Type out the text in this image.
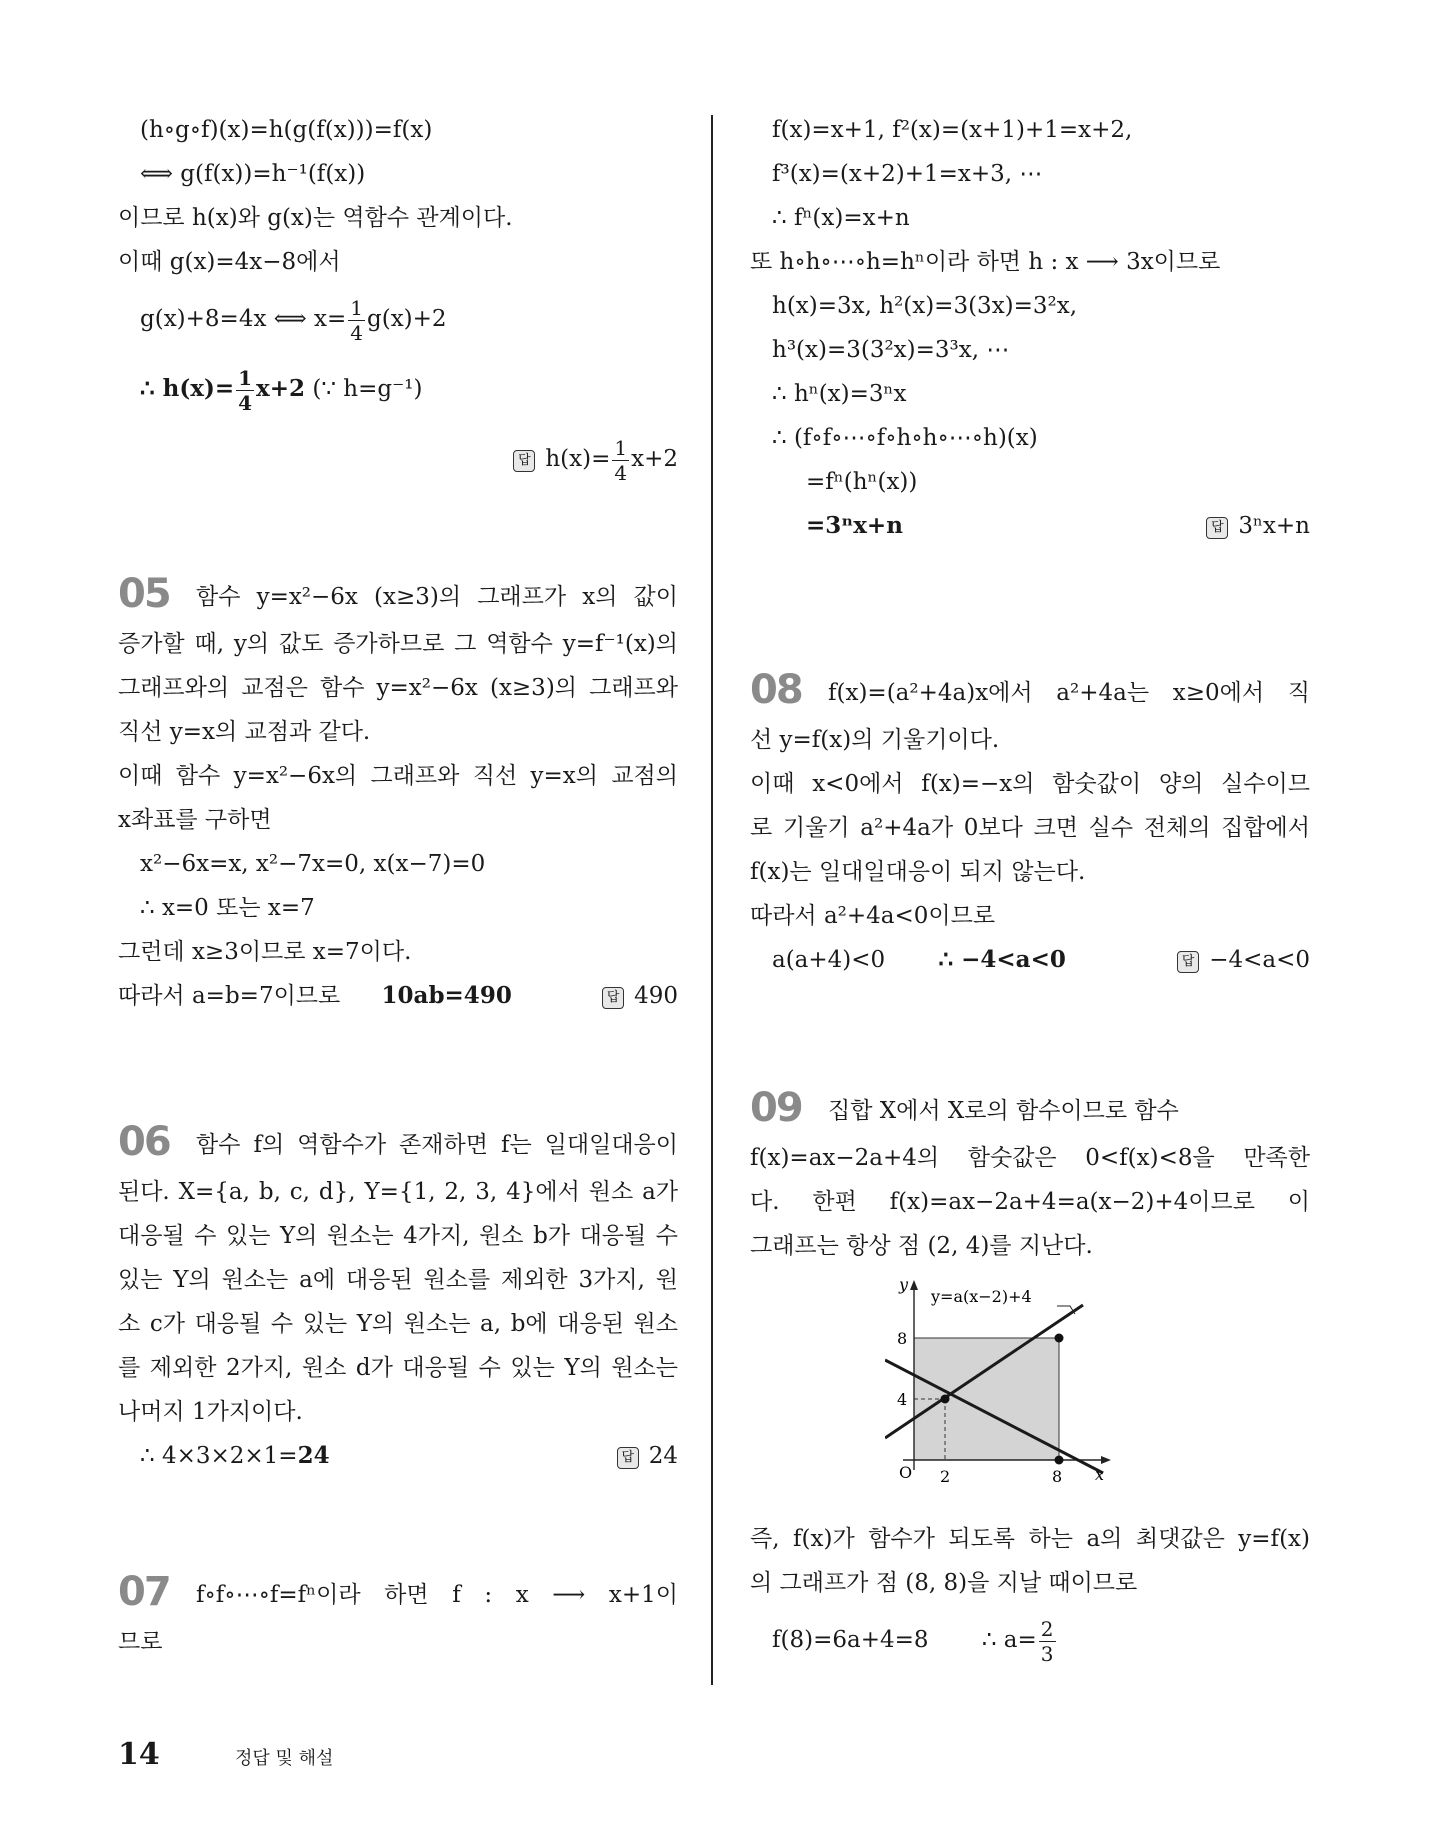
(h∘g∘f)(x)=h(g(f(x)))=f(x)
⟺ g(f(x))=h⁻¹(f(x))
이므로 h(x)와 g(x)는 역함수 관계이다.
이때 g(x)=4x−8에서
g(x)+8=4x ⟺ $x= \frac{1}{4} g(x)+2$
∴ $h(x)= \frac{1}{4} x+2$ (∵ h=g⁻¹)
답 $h(x)= \frac{1}{4} x+2$
05 함수 y=x²−6x (x≥3)의 그래프가 x의 값이
증가할 때, y의 값도 증가하므로 그 역함수 y=f⁻¹(x)의
그래프와의 교점은 함수 y=x²−6x (x≥3)의 그래프와
직선 y=x의 교점과 같다.
이때 함수 y=x²−6x의 그래프와 직선 y=x의 교점의
x좌표를 구하면
x²−6x=x, x²−7x=0, x(x−7)=0
∴ x=0 또는 x=7
그런데 x≥3이므로 x=7이다.
따라서 a=b=7이므로 10ab=490	답 490
06 함수 f의 역함수가 존재하면 f는 일대일대응이
된다. X={a, b, c, d}, Y={1, 2, 3, 4}에서 원소 a가
대응될 수 있는 Y의 원소는 4가지, 원소 b가 대응될 수
있는 Y의 원소는 a에 대응된 원소를 제외한 3가지, 원
소 c가 대응될 수 있는 Y의 원소는 a, b에 대응된 원소
를 제외한 2가지, 원소 d가 대응될 수 있는 Y의 원소는
나머지 1가지이다.
∴ 4×3×2×1=24	답 24
07 f∘f∘⋯∘f=fⁿ이라 하면 f : x ⟶ x+1이
므로
f(x)=x+1, f²(x)=(x+1)+1=x+2,
f³(x)=(x+2)+1=x+3, ⋯
∴ fⁿ(x)=x+n
또 h∘h∘⋯∘h=hⁿ이라 하면 h : x ⟶ 3x이므로
h(x)=3x, h²(x)=3(3x)=3²x,
h³(x)=3(3²x)=3³x, ⋯
∴ hⁿ(x)=3ⁿx
∴ (f∘f∘⋯∘f∘h∘h∘⋯∘h)(x)
=fⁿ(hⁿ(x))
=3ⁿx+n	답 3ⁿx+n
08 f(x)=(a²+4a)x에서 a²+4a는 x≥0에서 직
선 y=f(x)의 기울기이다.
이때 x<0에서 f(x)=−x의 함숫값이 양의 실수이므
로 기울기 a²+4a가 0보다 크면 실수 전체의 집합에서
f(x)는 일대일대응이 되지 않는다.
따라서 a²+4a<0이므로
a(a+4)<0 ∴ −4<a<0	답 −4<a<0
09 집합 X에서 X로의 함수이므로 함수
f(x)=ax−2a+4의 함숫값은 0<f(x)<8을 만족한
다. 한편 f(x)=ax−2a+4=a(x−2)+4이므로 이
그래프는 항상 점 (2, 4)를 지난다.
y=a(x−2)+4
y
8
4
O 2	8 x
즉, f(x)가 함수가 되도록 하는 a의 최댓값은 y=f(x)
의 그래프가 점 (8, 8)을 지날 때이므로
f(8)=6a+4=8 ∴ $a= \frac{2}{3}$
14	정답 및 해설
